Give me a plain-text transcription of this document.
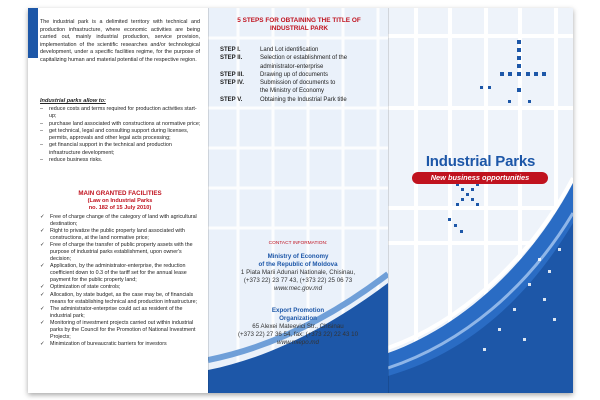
The industrial park is a delimited territory with technical and production infrastructure, where economic activities are being carried out, mainly industrial production, service provision, implementation of the scientific researches and/or technological development, under a specific facilities regime, for the purpose of capitalizing human and material potential of the respective region.
Industrial parks allow to:
– reduce costs and terms required for production activities start-up;
– purchase land associated with constructions at normative price;
– get technical, legal and consulting support during licenses, permits, approvals and other legal acts processing;
– get financial support in the technical and production infrastructure development;
– reduce business risks.
MAIN GRANTED FACILITIES
(Law on Industrial Parks
no. 182 of 15 July 2010)
✓ Free of charge change of the category of land with agricultural destination;
✓ Right to privatize the public property land associated with constructions, at the land normative price;
✓ Free of charge the transfer of public property assets with the purpose of industrial parks establishment, upon owner's decision;
✓ Application, by the administrator-enterprise, the reduction coefficient down to 0.3 of the tariff set for the annual lease payment for the public property land;
✓ Optimization of state controls;
✓ Allocation, by state budget, as the case may be, of financials means for establishing technical and production infrastructure;
✓ The administrator-enterprise could act as resident of the industrial park;
✓ Monitoring of investment projects carried out within industrial parks by the Council for the Promotion of National Investment Projects;
✓ Minimization of bureaucratic barriers for investors
5 STEPS FOR OBTAINING THE TITLE OF
INDUSTRIAL PARK
STEP I.	Land Lot identification
STEP II.	Selection or establishment of the
administrator-enterprise
STEP III.	Drawing up of documents
STEP IV.	Submission of documents to
the Ministry of Economy
STEP V.	Obtaining the Industrial Park title
CONTACT INFORMATION:
Ministry of Economy
of the Republic of Moldova
1 Piata Marii Adunari Nationale, Chisinau,
(+373 22) 23 77 43, (+373 22) 25 06 73
www.mec.gov.md
Export Promotion
Organization
65 Alexei Mateevici Str., Chisinau
(+373 22) 27 36 54, fax: (+373 22) 22 43 10
www.miepo.md
Industrial Parks
New business opportunities
